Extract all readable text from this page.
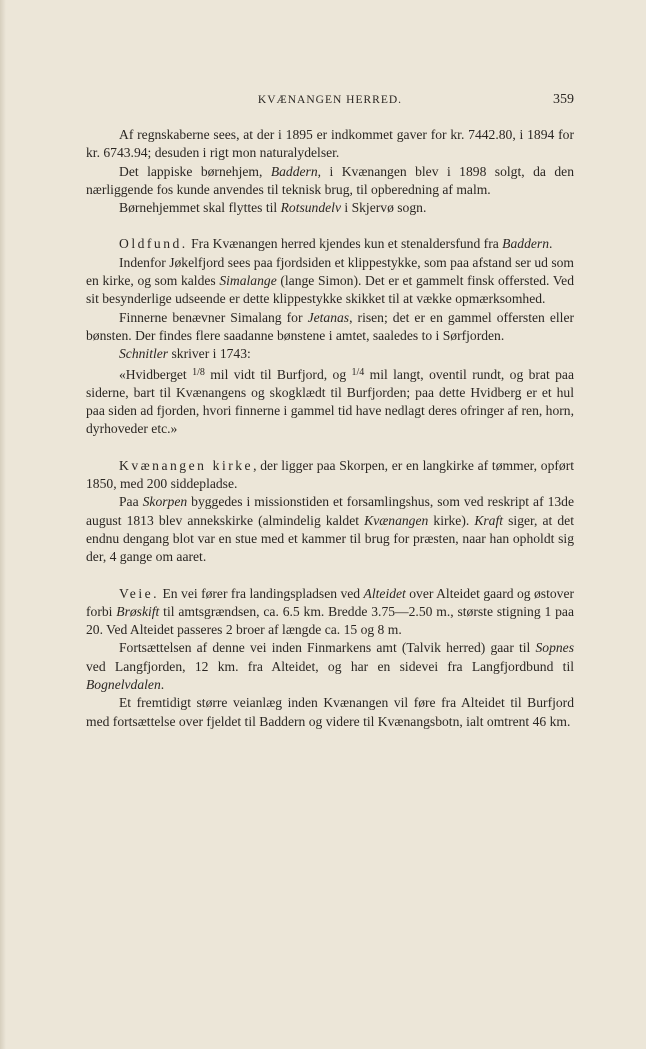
KVÆNANGEN HERRED.	359

Af regnskaberne sees, at der i 1895 er indkommet gaver for kr. 7442.80, i 1894 for kr. 6743.94; desuden i rigt mon naturalydelser.

Det lappiske børnehjem, Baddern, i Kvænangen blev i 1898 solgt, da den nærliggende fos kunde anvendes til teknisk brug, til opberedning af malm.

Børnehjemmet skal flyttes til Rotsundelv i Skjervø sogn.

Oldfund. Fra Kvænangen herred kjendes kun et stenaldersfund fra Baddern.

Indenfor Jøkelfjord sees paa fjordsiden et klippestykke, som paa afstand ser ud som en kirke, og som kaldes Simalange (lange Simon). Det er et gammelt finsk offersted. Ved sit besynderlige udseende er dette klippestykke skikket til at vække opmærksomhed.

Finnerne benævner Simalang for Jetanas, risen; det er en gammel offersten eller bønsten. Der findes flere saadanne bønstene i amtet, saaledes to i Sørfjorden.

Schnitler skriver i 1743:

«Hvidberget $^{1/8}$ mil vidt til Burfjord, og $^{1/4}$ mil langt, oventil rundt, og brat paa siderne, bart til Kvænangens og skogklædt til Burfjorden; paa dette Hvidberg er et hul paa siden ad fjorden, hvori finnerne i gammel tid have nedlagt deres ofringer af ren, horn, dyrhoveder etc.»

Kvænangen kirke, der ligger paa Skorpen, er en langkirke af tømmer, opført 1850, med 200 siddepladse.

Paa Skorpen byggedes i missionstiden et forsamlingshus, som ved reskript af 13de august 1813 blev annekskirke (almindelig kaldet Kvænangen kirke). Kraft siger, at det endnu dengang blot var en stue med et kammer til brug for præsten, naar han opholdt sig der, 4 gange om aaret.

Veie. En vei fører fra landingspladsen ved Alteidet over Alteidet gaard og østover forbi Brøskift til amtsgrændsen, ca. 6.5 km. Bredde 3.75—2.50 m., største stigning 1 paa 20. Ved Alteidet passeres 2 broer af længde ca. 15 og 8 m.

Fortsættelsen af denne vei inden Finmarkens amt (Talvik herred) gaar til Sopnes ved Langfjorden, 12 km. fra Alteidet, og har en sidevei fra Langfjordbund til Bognelvdalen.

Et fremtidigt større veianlæg inden Kvænangen vil føre fra Alteidet til Burfjord med fortsættelse over fjeldet til Baddern og videre til Kvænangsbotn, ialt omtrent 46 km.
